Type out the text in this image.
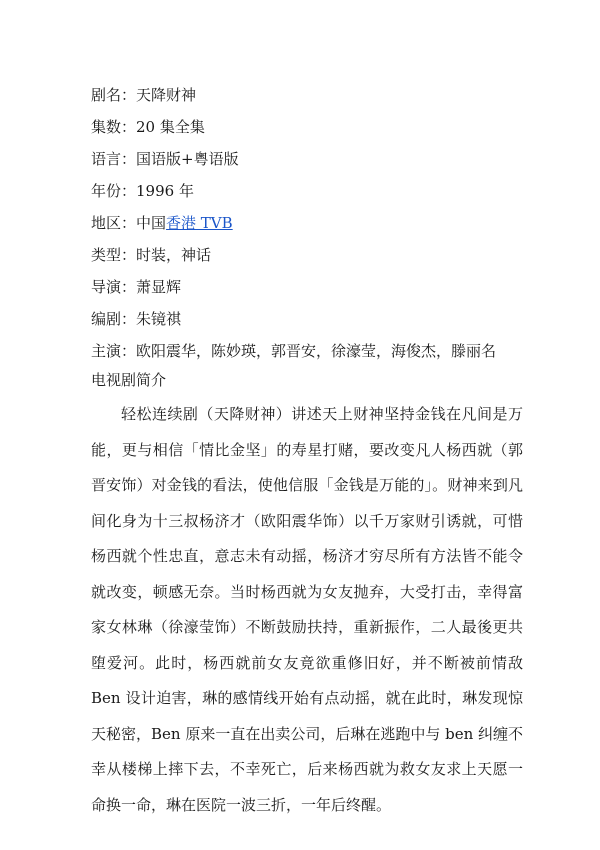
剧名：天降财神
集数：20 集全集
语言：国语版+粤语版
年份：1996 年
地区：中国香港 TVB
类型：时装，神话
导演：萧显辉
编剧：朱镜祺
主演：欧阳震华，陈妙瑛，郭晋安，徐濠莹，海俊杰，滕丽名
电视剧简介

轻松连续剧（天降财神）讲述天上财神坚持金钱在凡间是万能，更与相信「情比金坚」的寿星打赌，要改变凡人杨西就（郭晋安饰）对金钱的看法，使他信服「金钱是万能的」。财神来到凡间化身为十三叔杨济才（欧阳震华饰）以千万家财引诱就，可惜杨西就个性忠直，意志未有动摇，杨济才穷尽所有方法皆不能令就改变，顿感无奈。当时杨西就为女友抛弃，大受打击，幸得富家女林琳（徐濠莹饰）不断鼓励扶持，重新振作，二人最後更共堕爱河。此时，杨西就前女友竟欲重修旧好，并不断被前情敌 Ben 设计迫害，琳的感情线开始有点动摇，就在此时，琳发现惊天秘密，Ben 原来一直在出卖公司，后琳在逃跑中与 ben 纠缠不幸从楼梯上摔下去，不幸死亡，后来杨西就为救女友求上天愿一命换一命，琳在医院一波三折，一年后终醒。
